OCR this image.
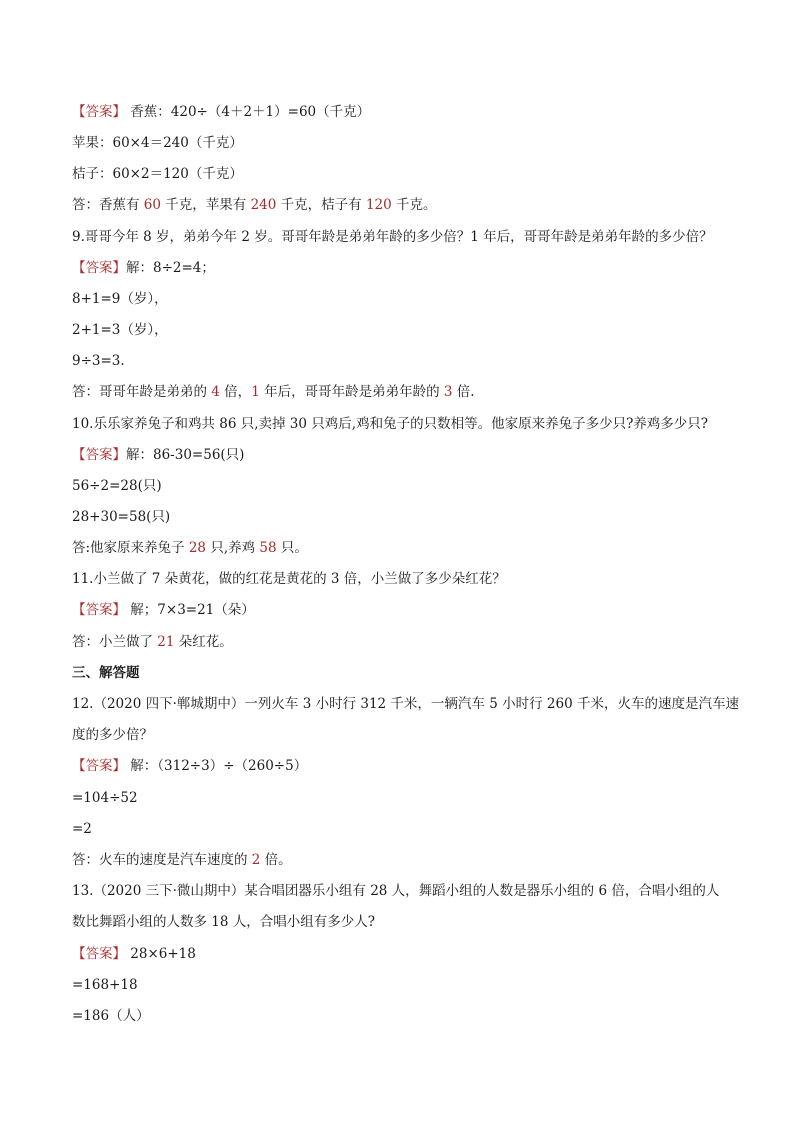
【答案】 香蕉：420÷（4＋2＋1）=60（千克）
苹果：60×4＝240（千克）
桔子：60×2＝120（千克）
答：香蕉有 60 千克，苹果有 240 千克，桔子有 120 千克。
9.哥哥今年 8 岁，弟弟今年 2 岁。哥哥年龄是弟弟年龄的多少倍？1 年后，哥哥年龄是弟弟年龄的多少倍？
【答案】解：8÷2=4；
8+1=9（岁），
2+1=3（岁），
9÷3=3.
答：哥哥年龄是弟弟的 4 倍，1 年后，哥哥年龄是弟弟年龄的 3 倍.
10.乐乐家养兔子和鸡共 86 只,卖掉 30 只鸡后,鸡和兔子的只数相等。他家原来养兔子多少只?养鸡多少只?
【答案】解：86-30=56(只)
56÷2=28(只)
28+30=58(只)
答:他家原来养兔子 28 只,养鸡 58 只。
11.小兰做了 7 朵黄花，做的红花是黄花的 3 倍，小兰做了多少朵红花？
【答案】 解；7×3=21（朵）
答：小兰做了 21 朵红花。
三、解答题
12.（2020 四下·郸城期中）一列火车 3 小时行 312 千米，一辆汽车 5 小时行 260 千米，火车的速度是汽车速
度的多少倍？
【答案】 解：（312÷3）÷（260÷5）
=104÷52
=2
答：火车的速度是汽车速度的 2 倍。
13.（2020 三下·微山期中）某合唱团器乐小组有 28 人，舞蹈小组的人数是器乐小组的 6 倍，合唱小组的人
数比舞蹈小组的人数多 18 人，合唱小组有多少人?
【答案】 28×6+18
=168+18
=186（人）
